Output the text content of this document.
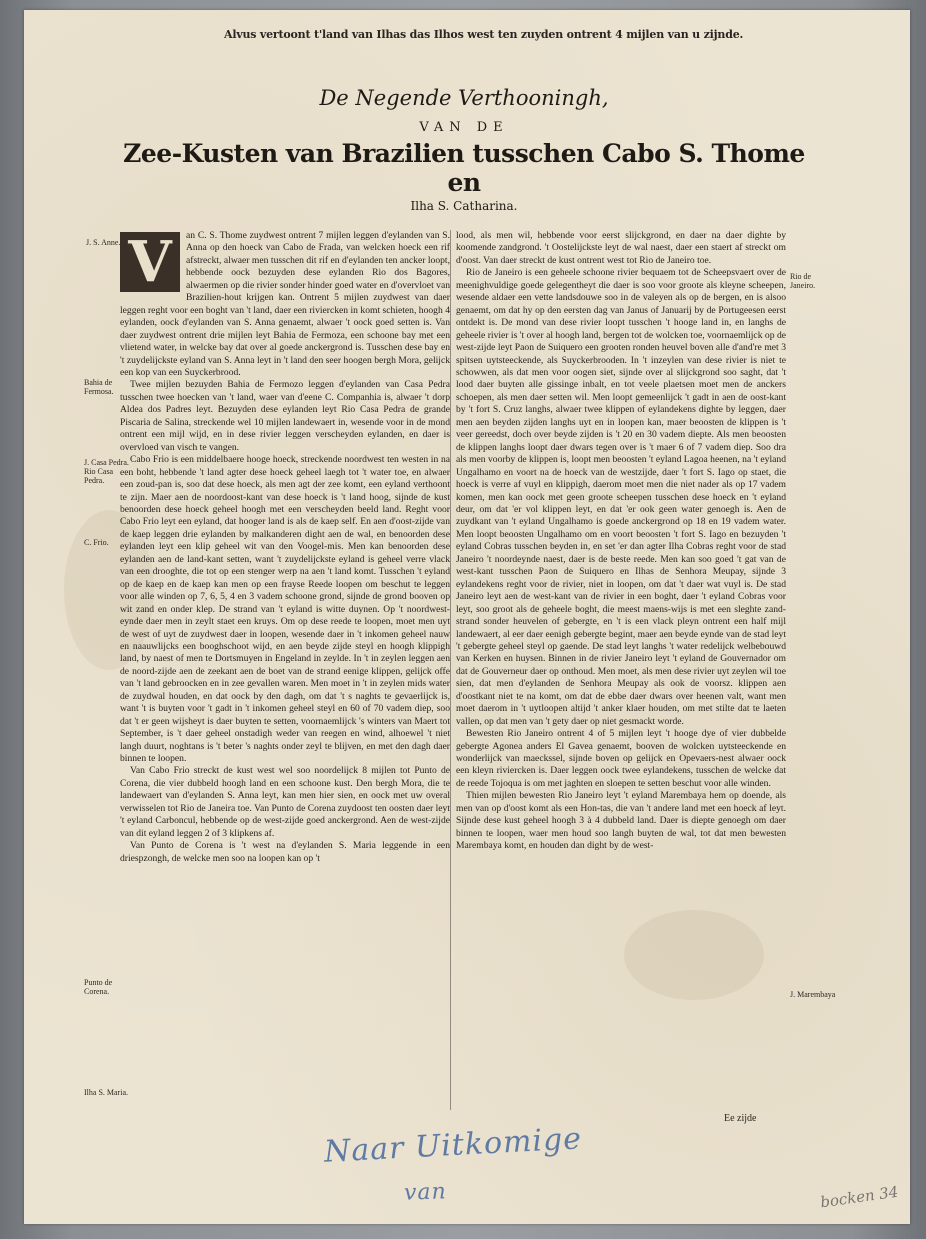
Alvus vertoont t'land van Ilhas das Ilhos west ten zuyden ontrent 4 mijlen van u zijnde.
De Negende Verthooningh,
VAN DE
Zee-Kusten van Brazilien tusschen Cabo S. Thome en
Ilha S. Catharina.
J. S. Anne.
Bahia de Fermosa.
J. Casa Pedra. Rio Casa Pedra.
C. Frio.
Punto de Corena.
Ilha S. Maria.
Rio de Janeiro.
J. Marembaya
V	an C. S. Thome zuydwest ontrent 7 mijlen leggen d'eylanden van S. Anna op den hoeck van Cabo de Frada, van welcken hoeck een rif afstreckt, alwaer men tusschen dit rif en d'eylanden ten ancker loopt, hebbende oock bezuyden dese eylanden Rio dos Bagores, alwaermen op die rivier sonder hinder goed water en d'overvloet van Brazilien-hout krijgen kan. Ontrent 5 mijlen zuydwest van daer leggen reght voor een boght van 't land, daer een riviercken in komt schieten, hoogh 4 eylanden, oock d'eylanden van S. Anna genaemt, alwaer 't oock goed setten is. Van daer zuydwest ontrent drie mijlen leyt Bahia de Fermoza, een schoone bay met een vlietend water, in welcke bay dat over al goede anckergrond is. Tusschen dese bay en 't zuydelijckste eyland van S. Anna leyt in 't land den seer hoogen bergh Mora, gelijck een kop van een Suyckerbrood.

Twee mijlen bezuyden Bahia de Fermozo leggen d'eylanden van Casa Pedra tusschen twee hoecken van 't land, waer van d'eene C. Companhia is, alwaer 't dorp Aldea dos Padres leyt. Bezuyden dese eylanden leyt Rio Casa Pedra de grande Piscaria de Salina, streckende wel 10 mijlen landewaert in, wesende voor in de mond ontrent een mijl wijd, en in dese rivier leggen verscheyden eylanden, en daer is overvloed van visch te vangen.

Cabo Frio is een middelbaere hooge hoeck, streckende noordwest ten westen in na een boht, hebbende 't land agter dese hoeck geheel laegh tot 't water toe, en alwaer een zoud-pan is, soo dat dese hoeck, als men agt der zee komt, een eyland verthoont te zijn. Maer aen de noordoost-kant van dese hoeck is 't land hoog, sijnde de kust benoorden dese hoeck geheel hoogh met een verscheyden beeld land. Reght voor Cabo Frio leyt een eyland, dat hooger land is als de kaep self. En aen d'oost-zijde van de kaep leggen drie eylanden by malkanderen dight aen de wal, en benoorden dese eylanden leyt een klip geheel wit van den Voogel-mis. Men kan benoorden dese eylanden aen de land-kant setten, want 't zuydelijckste eyland is geheel verre vlack van een drooghte, die tot op een stenger werp na aen 't land komt. Tusschen 't eyland op de kaep en de kaep kan men op een frayse Reede loopen om beschut te leggen voor alle winden op 7, 6, 5, 4 en 3 vadem schoone grond, sijnde de grond booven op wit zand en onder klep. De strand van 't eyland is witte duynen. Op 't noordwest-eynde daer men in zeylt staet een kruys. Om op dese reede te loopen, moet men uyt de west of uyt de zuydwest daer in loopen, wesende daer in 't inkomen geheel nauw en naauwlijcks een booghschoot wijd, en aen beyde zijde steyl en hoogh klippigh land, by naest of men te Dortsmuyen in Engeland in zeylde. In 't in zeylen leggen aen de noord-zijde aen de zeekant aen de boet van de strand eenige klippen, gelijck offe van 't land gebroocken en in zee gevallen waren. Men moet in 't in zeylen mids water de zuydwal houden, en dat oock by den dagh, om dat 't s naghts te gevaerlijck is, want 't is buyten voor 't gadt in 't inkomen geheel steyl en 60 of 70 vadem diep, soo dat 't er geen wijsheyt is daer buyten te setten, voornaemlijck 's winters van Maert tot September, is 't daer geheel onstadigh weder van reegen en wind, alhoewel 't niet langh duurt, noghtans is 't beter 's naghts onder zeyl te blijven, en met den dagh daer binnen te loopen.

Van Cabo Frio streckt de kust west wel soo noordelijck 8 mijlen tot Punto de Corena, die vier dubbeld hoogh land en een schoone kust. Den bergh Mora, die te landewaert van d'eylanden S. Anna leyt, kan men hier sien, en oock met uw overal verwisselen tot Rio de Janeira toe. Van Punto de Corena zuydoost ten oosten daer leyt 't eyland Carboncul, hebbende op de west-zijde goed anckergrond. Aen de west-zijde van dit eyland leggen 2 of 3 klipkens af.

Van Punto de Corena is 't west na d'eylanden S. Maria leggende in een driespzongh, de welcke men soo na loopen kan op 't

lood, als men wil, hebbende voor eerst slijckgrond, en daer na daer dighte by koomende zandgrond. 't Oostelijckste leyt de wal naest, daer een staert af streckt om d'oost. Van daer streckt de kust ontrent west tot Rio de Janeiro toe.

Rio de Janeiro is een geheele schoone rivier bequaem tot de Scheepsvaert over de meenighvuldige goede gelegentheyt die daer is soo voor groote als kleyne scheepen, wesende aldaer een vette landsdouwe soo in de valeyen als op de bergen, en is alsoo genaemt, om dat hy op den eersten dag van Janus of Januarij by de Portugeesen eerst ontdekt is. De mond van dese rivier loopt tusschen 't hooge land in, en langhs de geheele rivier is 't over al hoogh land, bergen tot de wolcken toe, voornaemlijck op de west-zijde leyt Paon de Suiquero een grooten ronden heuvel boven alle d'and're met 3 spitsen uytsteeckende, als Suyckerbrooden. In 't inzeylen van dese rivier is niet te schowwen, als dat men voor oogen siet, sijnde over al slijckgrond soo saght, dat 't lood daer buyten alle gissinge inbalt, en tot veele plaetsen moet men de anckers schoepen, als men daer setten wil. Men loopt gemeenlijck 't gadt in aen de oost-kant by 't fort S. Cruz langhs, alwaer twee klippen of eylandekens dighte by leggen, daer men aen beyden zijden langhs uyt en in loopen kan, maer beoosten de klippen is 't veer gereedst, doch over beyde zijden is 't 20 en 30 vadem diepte. Als men beoosten de klippen langhs loopt daer dwars tegen over is 't maer 6 of 7 vadem diep. Soo dra als men voorby de klippen is, loopt men beoosten 't eyland Lagoa heenen, na 't eyland Ungalhamo en voort na de hoeck van de westzijde, daer 't fort S. Iago op staet, die hoeck is verre af vuyl en klippigh, daerom moet men die niet nader als op 17 vadem komen, men kan oock met geen groote scheepen tusschen dese hoeck en 't eyland deur, om dat 'er vol klippen leyt, en dat 'er ook geen water genoegh is. Aen de zuydkant van 't eyland Ungalhamo is goede anckergrond op 18 en 19 vadem water. Men loopt beoosten Ungalhamo om en voort beoosten 't fort S. Iago en bezuyden 't eyland Cobras tusschen beyden in, en set 'er dan agter Ilha Cobras reght voor de stad Janeiro 't noordeynde naest, daer is de beste reede. Men kan soo goed 't gat van de west-kant tusschen Paon de Suiquero en Ilhas de Senhora Meupay, sijnde 3 eylandekens reght voor de rivier, niet in loopen, om dat 't daer wat vuyl is. De stad Janeiro leyt aen de west-kant van de rivier in een boght, daer 't eyland Cobras voor leyt, soo groot als de geheele boght, die meest maens-wijs is met een sleghte zand-strand sonder heuvelen of gebergte, en 't is een vlack pleyn ontrent een half mijl landewaert, al eer daer eenigh gebergte begint, maer aen beyde eynde van de stad leyt 't gebergte geheel steyl op gaende. De stad leyt langhs 't water redelijck welbebouwd van Kerken en huysen. Binnen in de rivier Janeiro leyt 't eyland de Gouvernador om dat de Gouverneur daer op onthoud. Men moet, als men dese rivier uyt zeylen wil toe sien, dat men d'eylanden de Senhora Meupay als ook de voorsz. klippen aen d'oostkant niet te na komt, om dat de ebbe daer dwars over heenen valt, want men moet daerom in 't uytloopen altijd 't anker klaer houden, om met stilte dat te laeten vallen, op dat men van 't gety daer op niet gesmackt worde.

Bewesten Rio Janeiro ontrent 4 of 5 mijlen leyt 't hooge dye of vier dubbelde gebergte Agonea anders El Gavea genaemt, booven de wolcken uytsteeckende en wonderlijck van maeckssel, sijnde boven op gelijck en Opevaers-nest alwaer oock een kleyn riviercken is. Daer leggen oock twee eylandekens, tusschen de welcke dat de reede Tojoqua is om met jaghten en sloepen te setten beschut voor alle winden.

Thien mijlen bewesten Rio Janeiro leyt 't eyland Marembaya hem op doende, als men van op d'oost komt als een Hon-tas, die van 't andere land met een hoeck af leyt. Sijnde dese kust geheel hoogh 3 à 4 dubbeld land. Daer is diepte genoegh om daer binnen te loopen, waer men houd soo langh buyten de wal, tot dat men bewesten Marembaya komt, en houden dan dight by de west-

Ee zijde
Naar Uitkomige
van	bocken 34
